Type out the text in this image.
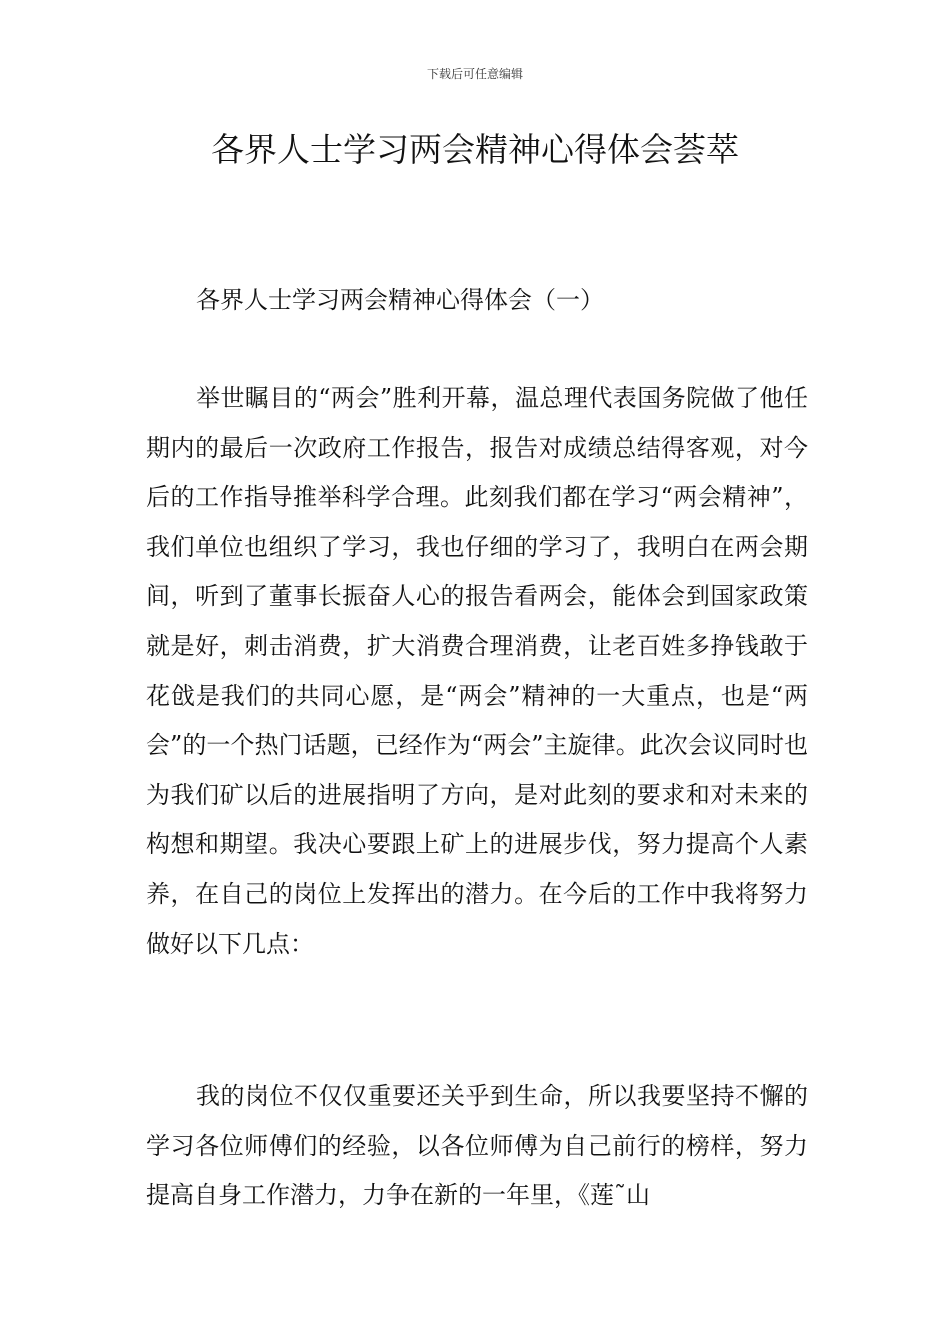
下载后可任意编辑
各界人士学习两会精神心得体会荟萃

各界人士学习两会精神心得体会（一）

举世瞩目的“两会”胜利开幕，温总理代表国务院做了他任期内的最后一次政府工作报告，报告对成绩总结得客观，对今后的工作指导推举科学合理。此刻我们都在学习“两会精神”，我们单位也组织了学习，我也仔细的学习了，我明白在两会期间，听到了董事长振奋人心的报告看两会，能体会到国家政策就是好，刺击消费，扩大消费合理消费，让老百姓多挣钱敢于花戗是我们的共同心愿，是“两会”精神的一大重点，也是“两会”的一个热门话题，已经作为“两会”主旋律。此次会议同时也为我们矿以后的进展指明了方向，是对此刻的要求和对未来的构想和期望。我决心要跟上矿上的进展步伐，努力提高个人素养，在自己的岗位上发挥出的潜力。在今后的工作中我将努力做好以下几点：

我的岗位不仅仅重要还关乎到生命，所以我要坚持不懈的学习各位师傅们的经验，以各位师傅为自己前行的榜样，努力提高自身工作潜力，力争在新的一年里，《莲˜山
